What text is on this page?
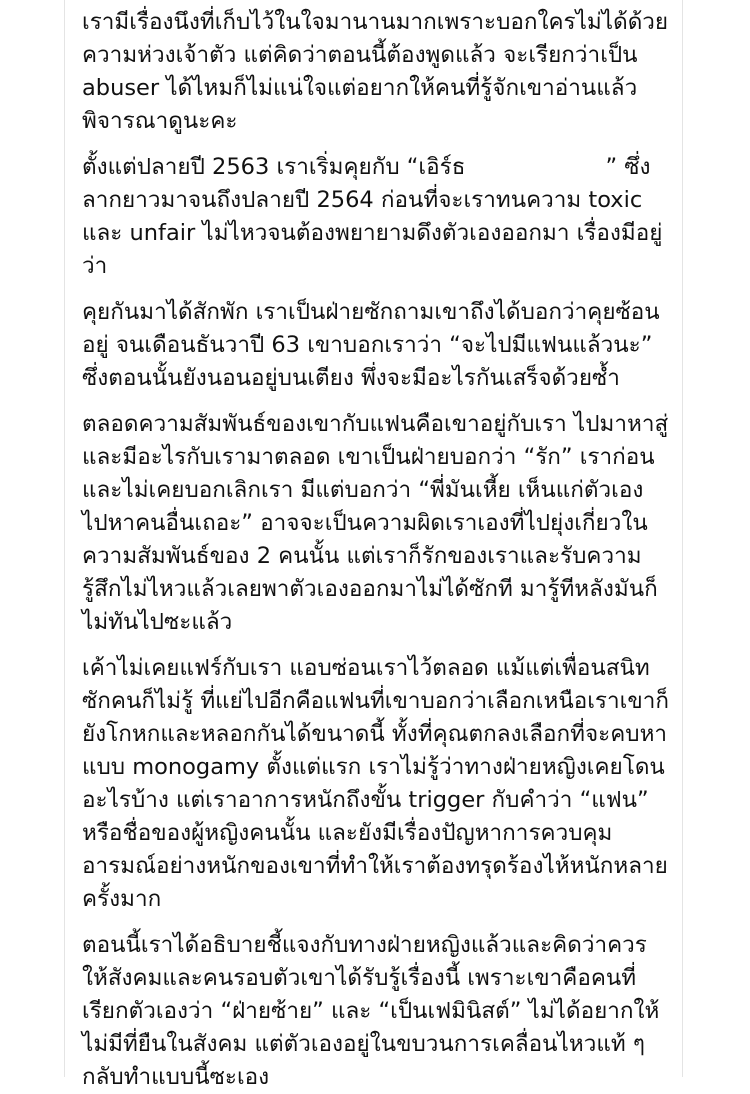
เรามีเรื่องนึงที่เก็บไว้ในใจมานานมากเพราะบอกใครไม่ได้ด้วยความห่วงเจ้าตัว แต่คิดว่าตอนนี้ต้องพูดแล้ว จะเรียกว่าเป็น abuser ได้ไหมก็ไม่แน่ใจแต่อยากให้คนที่รู้จักเขาอ่านแล้วพิจารณาดูนะคะ

ตั้งแต่ปลายปี 2563 เราเริ่มคุยกับ “เอิร์ธ	” ซึ่งลากยาวมาจนถึงปลายปี 2564 ก่อนที่จะเราทนความ toxic และ unfair ไม่ไหวจนต้องพยายามดึงตัวเองออกมา เรื่องมีอยู่ว่า

คุยกันมาได้สักพัก เราเป็นฝ่ายซักถามเขาถึงได้บอกว่าคุยซ้อนอยู่ จนเดือนธันวาปี 63 เขาบอกเราว่า “จะไปมีแฟนแล้วนะ” ซึ่งตอนนั้นยังนอนอยู่บนเตียง พึ่งจะมีอะไรกันเสร็จด้วยซ้ำ

ตลอดความสัมพันธ์ของเขากับแฟนคือเขาอยู่กับเรา ไปมาหาสู่และมีอะไรกับเรามาตลอด เขาเป็นฝ่ายบอกว่า “รัก” เราก่อนและไม่เคยบอกเลิกเรา มีแต่บอกว่า “พี่มันเหี้ย เห็นแก่ตัวเอง ไปหาคนอื่นเถอะ” อาจจะเป็นความผิดเราเองที่ไปยุ่งเกี่ยวในความสัมพันธ์ของ 2 คนนั้น แต่เราก็รักของเราและรับความรู้สึกไม่ไหวแล้วเลยพาตัวเองออกมาไม่ได้ซักที มารู้ทีหลังมันก็ไม่ทันไปซะแล้ว

เค้าไม่เคยแฟร์กับเรา แอบซ่อนเราไว้ตลอด แม้แต่เพื่อนสนิทซักคนก็ไม่รู้ ที่แย่ไปอีกคือแฟนที่เขาบอกว่าเลือกเหนือเราเขาก็ยังโกหกและหลอกกันได้ขนาดนี้ ทั้งที่คุณตกลงเลือกที่จะคบหาแบบ monogamy ตั้งแต่แรก เราไม่รู้ว่าทางฝ่ายหญิงเคยโดนอะไรบ้าง แต่เราอาการหนักถึงขั้น trigger กับคำว่า “แฟน” หรือชื่อของผู้หญิงคนนั้น และยังมีเรื่องปัญหาการควบคุมอารมณ์อย่างหนักของเขาที่ทำให้เราต้องทรุดร้องไห้หนักหลายครั้งมาก

ตอนนี้เราได้อธิบายชี้แจงกับทางฝ่ายหญิงแล้วและคิดว่าควรให้สังคมและคนรอบตัวเขาได้รับรู้เรื่องนี้ เพราะเขาคือคนที่เรียกตัวเองว่า “ฝ่ายซ้าย” และ “เป็นเฟมินิสต์” ไม่ได้อยากให้ไม่มีที่ยืนในสังคม แต่ตัวเองอยู่ในขบวนการเคลื่อนไหวแท้ ๆ กลับทำแบบนี้ซะเอง
